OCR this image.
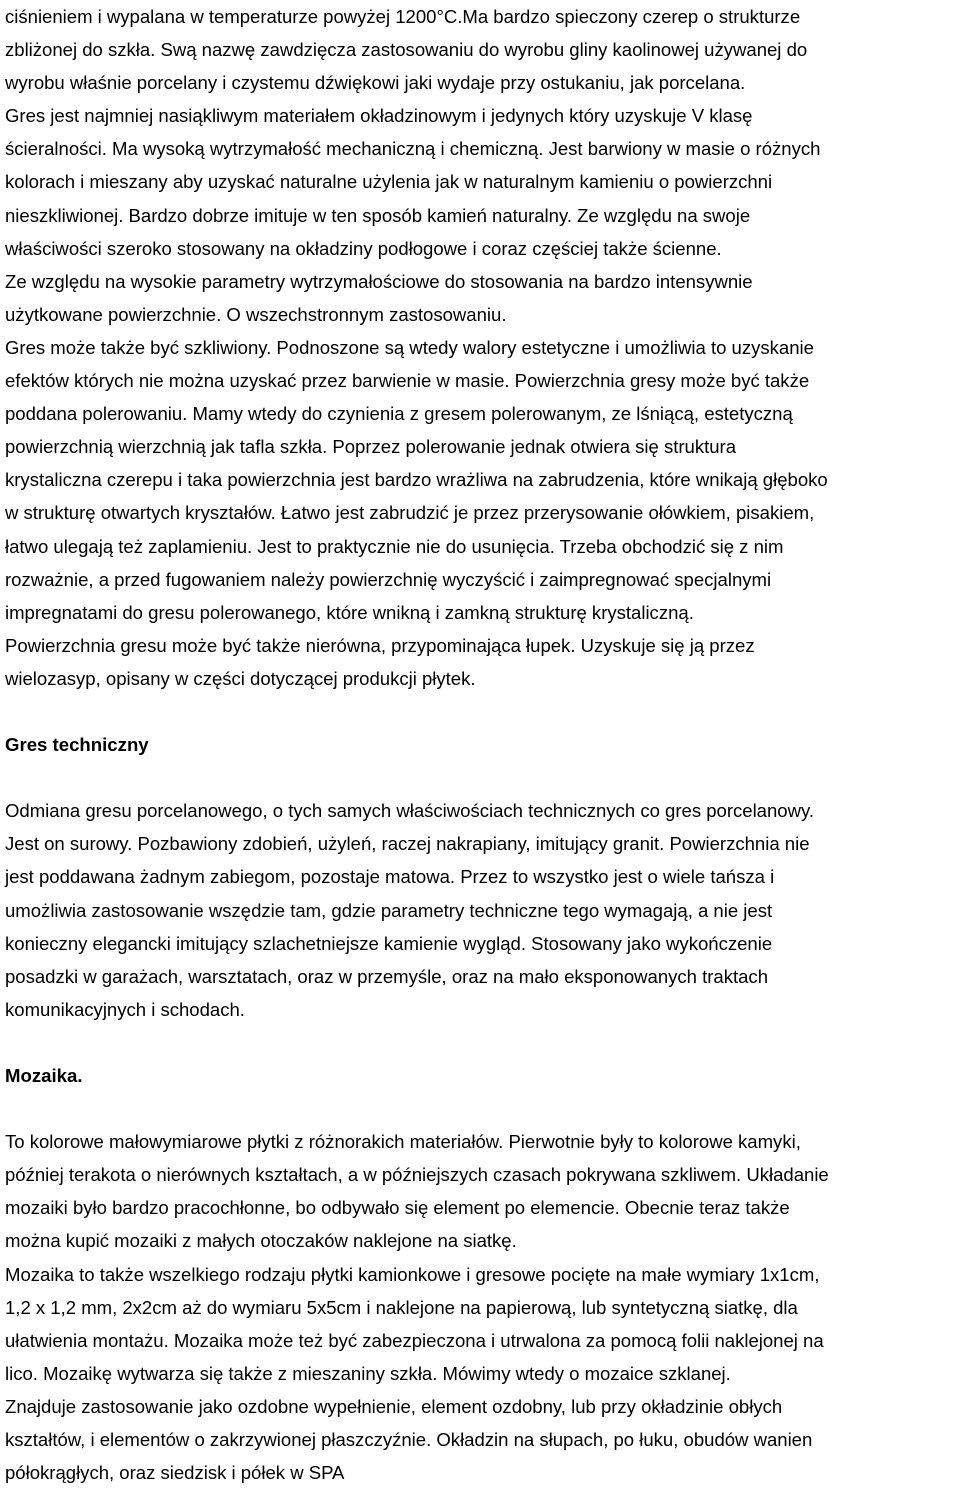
ciśnieniem i wypalana w temperaturze powyżej 1200°C.Ma bardzo spieczony czerep o strukturze
zbliżonej do szkła. Swą nazwę zawdzięcza zastosowaniu do wyrobu gliny kaolinowej używanej do
wyrobu właśnie porcelany i czystemu dźwiękowi jaki wydaje przy ostukaniu, jak porcelana.
Gres jest najmniej nasiąkliwym materiałem okładzinowym i jedynych który uzyskuje V klasę
ścieralności. Ma wysoką wytrzymałość mechaniczną i chemiczną. Jest barwiony w masie o różnych
kolorach i mieszany aby uzyskać naturalne użylenia jak w naturalnym kamieniu o powierzchni
nieszkliwionej. Bardzo dobrze imituje w ten sposób kamień naturalny. Ze względu na swoje
właściwości szeroko stosowany na okładziny podłogowe i coraz częściej także ścienne.
Ze względu na wysokie parametry wytrzymałościowe do stosowania na bardzo intensywnie
użytkowane powierzchnie. O wszechstronnym zastosowaniu.
Gres może także być szkliwiony. Podnoszone są wtedy walory estetyczne i umożliwia to uzyskanie
efektów których nie można uzyskać przez barwienie w masie. Powierzchnia gresy może być także
poddana polerowaniu. Mamy wtedy do czynienia z gresem polerowanym, ze lśniącą, estetyczną
powierzchnią wierzchnią jak tafla szkła. Poprzez polerowanie jednak otwiera się struktura
krystaliczna czerepu i taka powierzchnia jest bardzo wrażliwa na zabrudzenia, które wnikają głęboko
w strukturę otwartych kryształów. Łatwo jest zabrudzić je przez przerysowanie ołówkiem, pisakiem,
łatwo ulegają też zaplamieniu. Jest to praktycznie nie do usunięcia. Trzeba obchodzić się z nim
rozważnie, a przed fugowaniem należy powierzchnię wyczyścić i zaimpregnować specjalnymi
impregnatami do gresu polerowanego, które wnikną i zamkną strukturę krystaliczną.
Powierzchnia gresu może być także nierówna, przypominająca łupek. Uzyskuje się ją przez
wielozasyp, opisany w części dotyczącej produkcji płytek.
Gres techniczny
Odmiana gresu porcelanowego, o tych samych właściwościach technicznych co gres porcelanowy.
Jest on surowy. Pozbawiony zdobień, użyleń, raczej nakrapiany, imitujący granit. Powierzchnia nie
jest poddawana żadnym zabiegom, pozostaje matowa. Przez to wszystko jest o wiele tańsza i
umożliwia zastosowanie wszędzie tam, gdzie parametry techniczne tego wymagają, a nie jest
konieczny elegancki imitujący szlachetniejsze kamienie wygląd. Stosowany jako wykończenie
posadzki w garażach, warsztatach, oraz w przemyśle, oraz na mało eksponowanych traktach
komunikacyjnych i schodach.
Mozaika.
To kolorowe małowymiarowe płytki z różnorakich materiałów. Pierwotnie były to kolorowe kamyki,
później terakota o nierównych kształtach, a w późniejszych czasach pokrywana szkliwem. Układanie
mozaiki było bardzo pracochłonne, bo odbywało się element po elemencie. Obecnie teraz także
można kupić mozaiki z małych otoczaków naklejone na siatkę.
Mozaika to także wszelkiego rodzaju płytki kamionkowe i gresowe pocięte na małe wymiary 1x1cm,
1,2 x 1,2 mm, 2x2cm aż do wymiaru 5x5cm i naklejone na papierową, lub syntetyczną siatkę, dla
ułatwienia montażu. Mozaika może też być zabezpieczona i utrwalona za pomocą folii naklejonej na
lico. Mozaikę wytwarza się także z mieszaniny szkła. Mówimy wtedy o mozaice szklanej.
Znajduje zastosowanie jako ozdobne wypełnienie, element ozdobny, lub przy okładzinie obłych
kształtów, i elementów o zakrzywionej płaszczyźnie. Okładzin na słupach, po łuku, obudów wanien
półokrągłych, oraz siedzisk i półek w SPA
